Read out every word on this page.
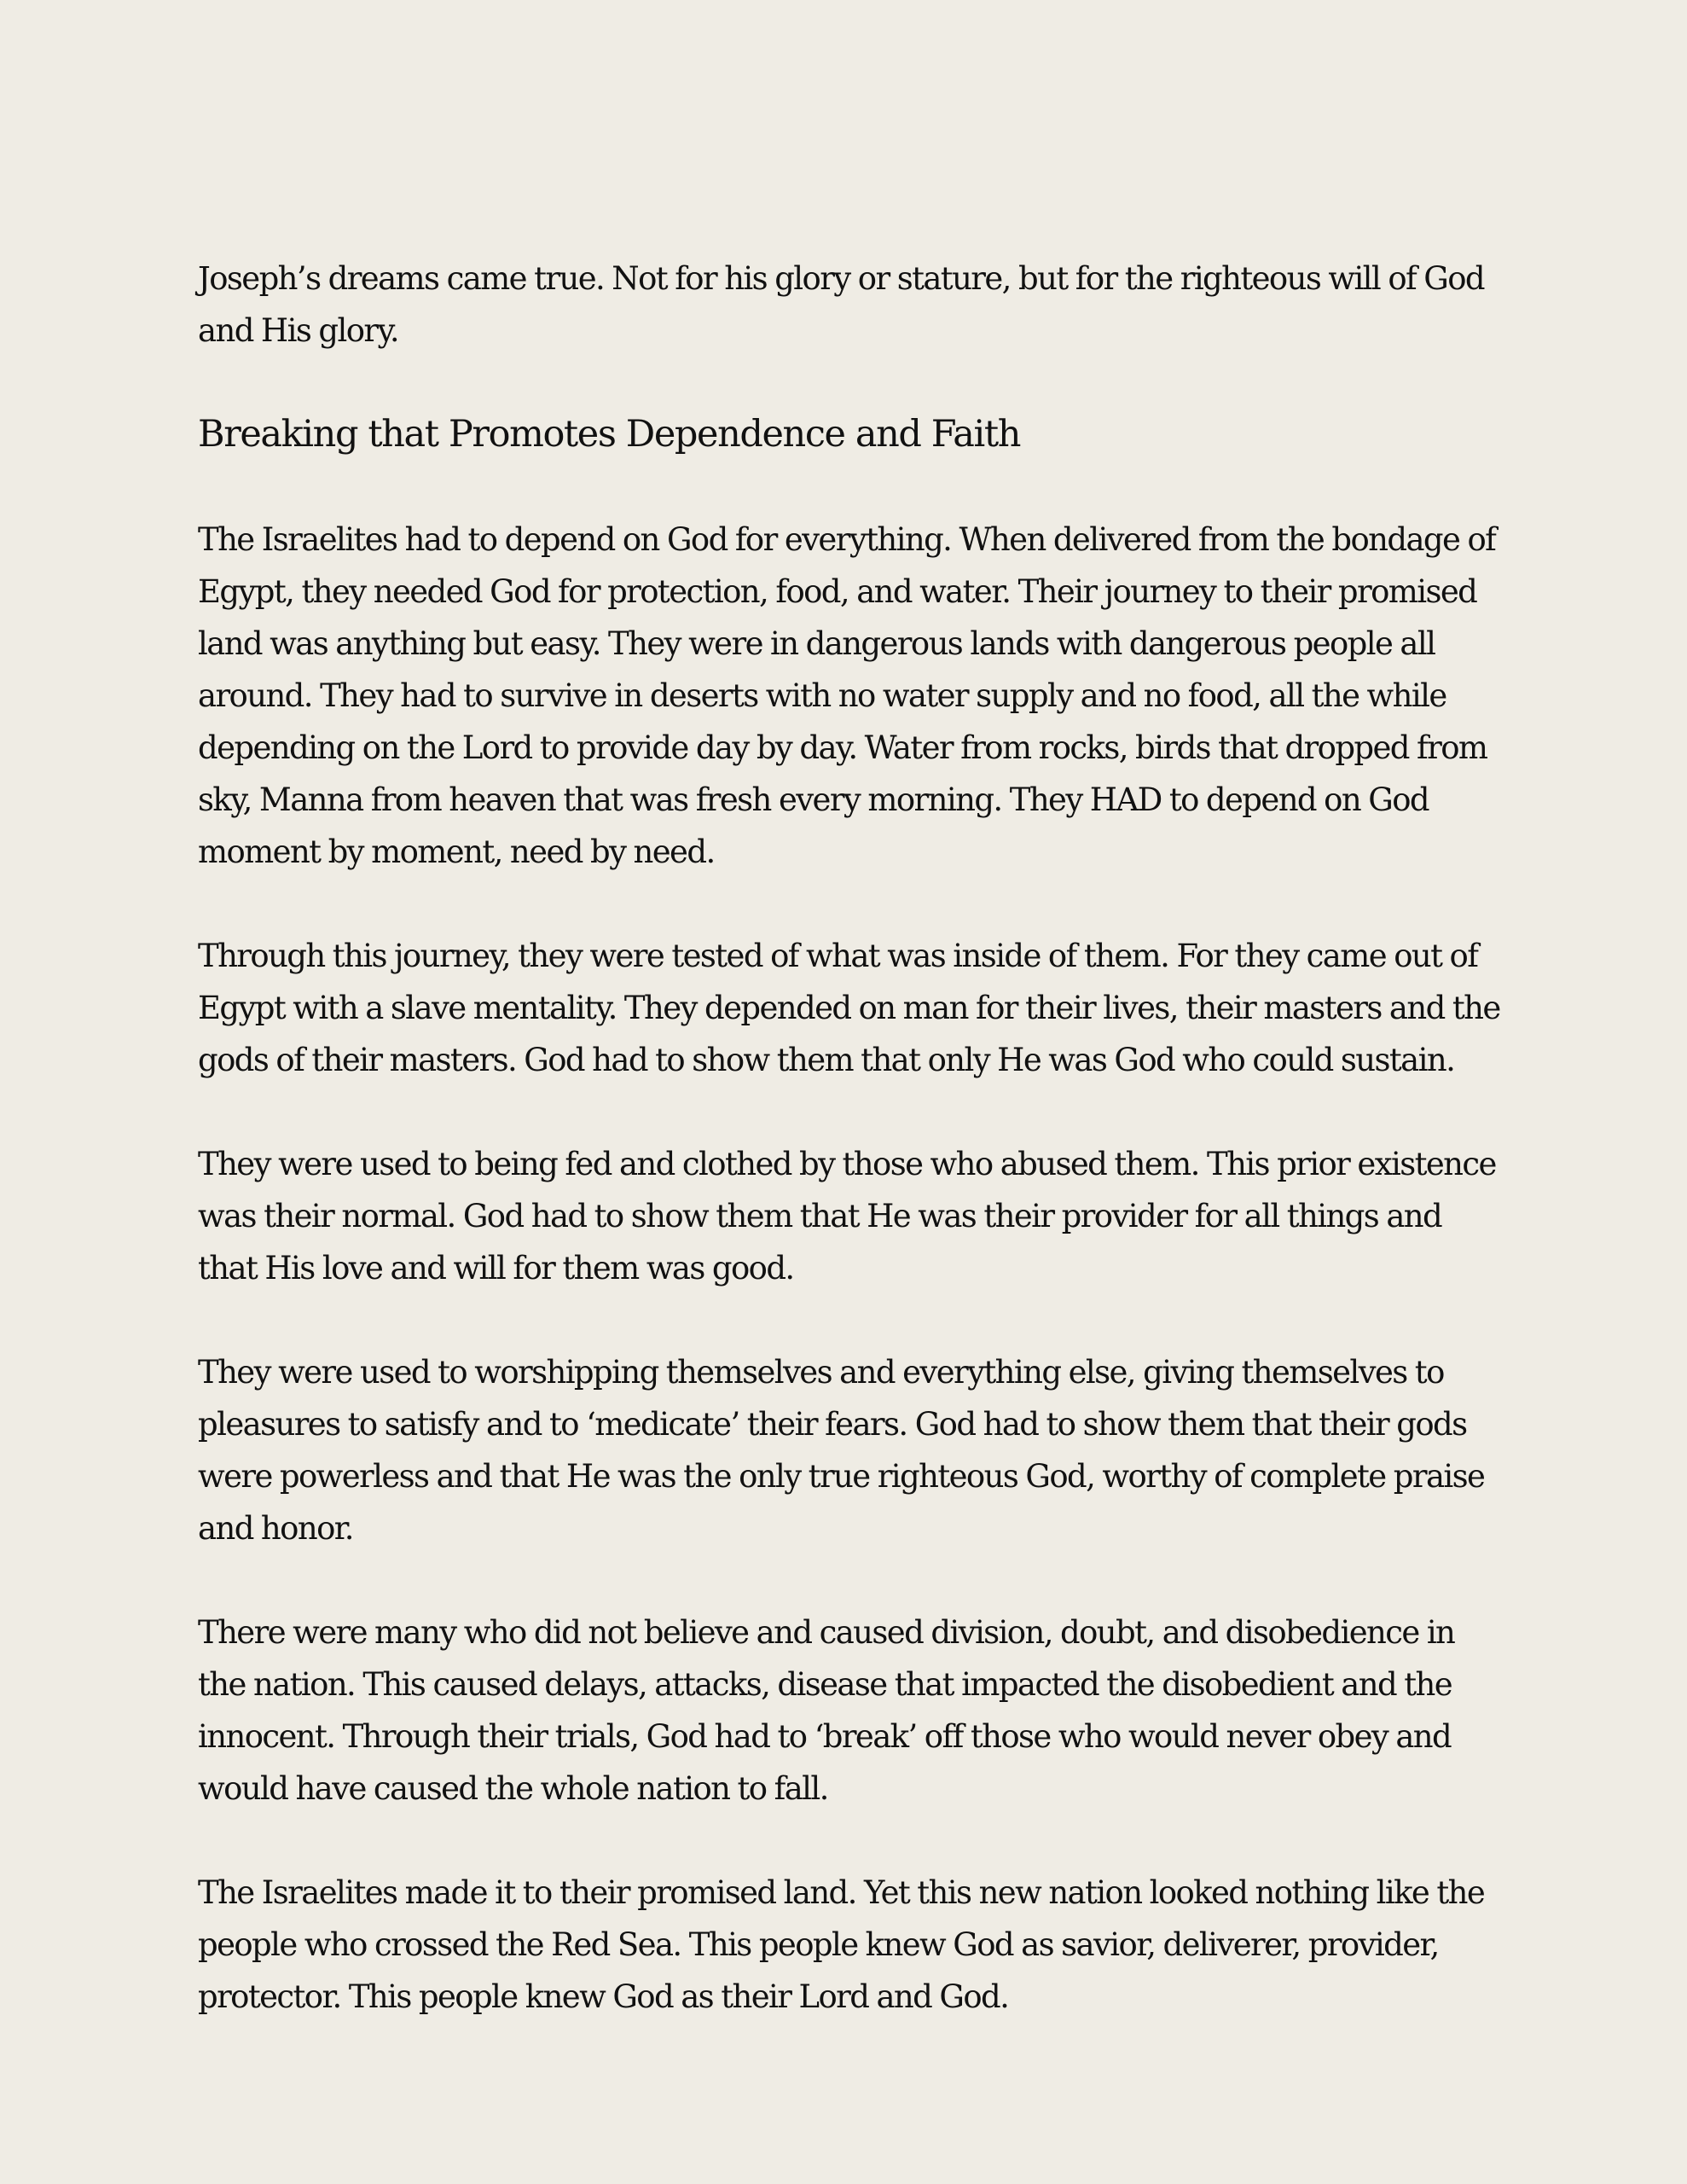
Joseph’s dreams came true. Not for his glory or stature, but for the righteous will of God and His glory.

Breaking that Promotes Dependence and Faith

The Israelites had to depend on God for everything. When delivered from the bondage of Egypt, they needed God for protection, food, and water. Their journey to their promised land was anything but easy. They were in dangerous lands with dangerous people all around. They had to survive in deserts with no water supply and no food, all the while depending on the Lord to provide day by day. Water from rocks, birds that dropped from sky, Manna from heaven that was fresh every morning. They HAD to depend on God moment by moment, need by need.

Through this journey, they were tested of what was inside of them. For they came out of Egypt with a slave mentality. They depended on man for their lives, their masters and the gods of their masters. God had to show them that only He was God who could sustain.

They were used to being fed and clothed by those who abused them. This prior existence was their normal. God had to show them that He was their provider for all things and that His love and will for them was good.

They were used to worshipping themselves and everything else, giving themselves to pleasures to satisfy and to ‘medicate’ their fears. God had to show them that their gods were powerless and that He was the only true righteous God, worthy of complete praise and honor.

There were many who did not believe and caused division, doubt, and disobedience in the nation. This caused delays, attacks, disease that impacted the disobedient and the innocent. Through their trials, God had to ‘break’ off those who would never obey and would have caused the whole nation to fall.

The Israelites made it to their promised land. Yet this new nation looked nothing like the people who crossed the Red Sea. This people knew God as savior, deliverer, provider, protector. This people knew God as their Lord and God.
